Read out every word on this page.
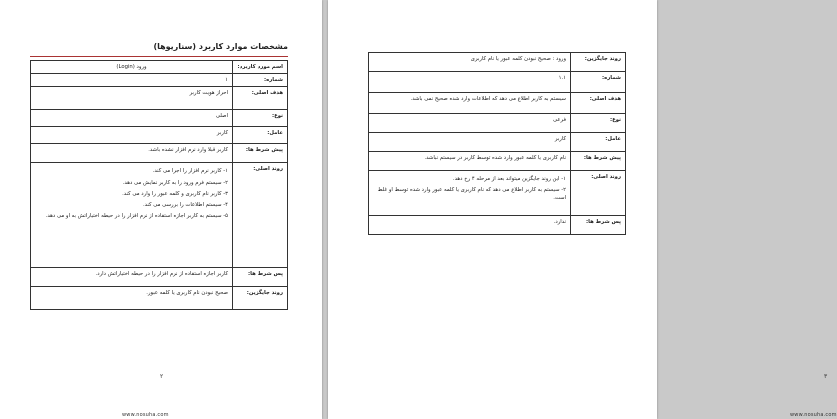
مشخصات موارد کاربرد (سناریوها)
اسم مورد کاربرد:	ورود (Login)
شماره:	۱
هدف اصلی:	احراز هویت کاربر
نوع:	اصلی
عامل:	کاربر
پیش شرط ها:	کاربر قبلا وارد نرم افزار نشده باشد.
روند اصلی:	۱- کاربر نرم افزار را اجرا می کند.
۲- سیستم فرم ورود را به کاربر نمایش می دهد.
۳- کاربر نام کاربری و کلمه عبور را وارد می کند.
۴- سیستم اطلاعات را بررسی می کند.
۵- سیستم به کاربر اجازه استفاده از نرم افزار را در حیطه اختیاراتش به او می دهد.

پس شرط ها:	کاربر اجازه استفاده از نرم افزار را در حیطه اختیاراتش دارد.
روند جایگزین:	صحیح نبودن نام کاربری یا کلمه عبور.
۲
www.nosuha.com
روند جایگزین:	ورود : صحیح نبودن کلمه عبور یا نام کاربری
شماره:	۱.۱
هدف اصلی:	سیستم به کاربر اطلاع می دهد که اطلاعات وارد شده صحیح نمی باشد.
نوع:	فرعی
عامل:	کاربر
پیش شرط ها:	نام کاربری یا کلمه عبور وارد شده توسط کاربر در سیستم نباشد.
روند اصلی:	۱- این روند جایگزین میتواند بعد از مرحله ۴ رخ دهد.
۲- سیستم به کاربر اطلاع می دهد که نام کاربری یا کلمه عبور وارد شده توسط او غلط است.

پس شرط ها:	ندارد.
۳
www.nosuha.com
